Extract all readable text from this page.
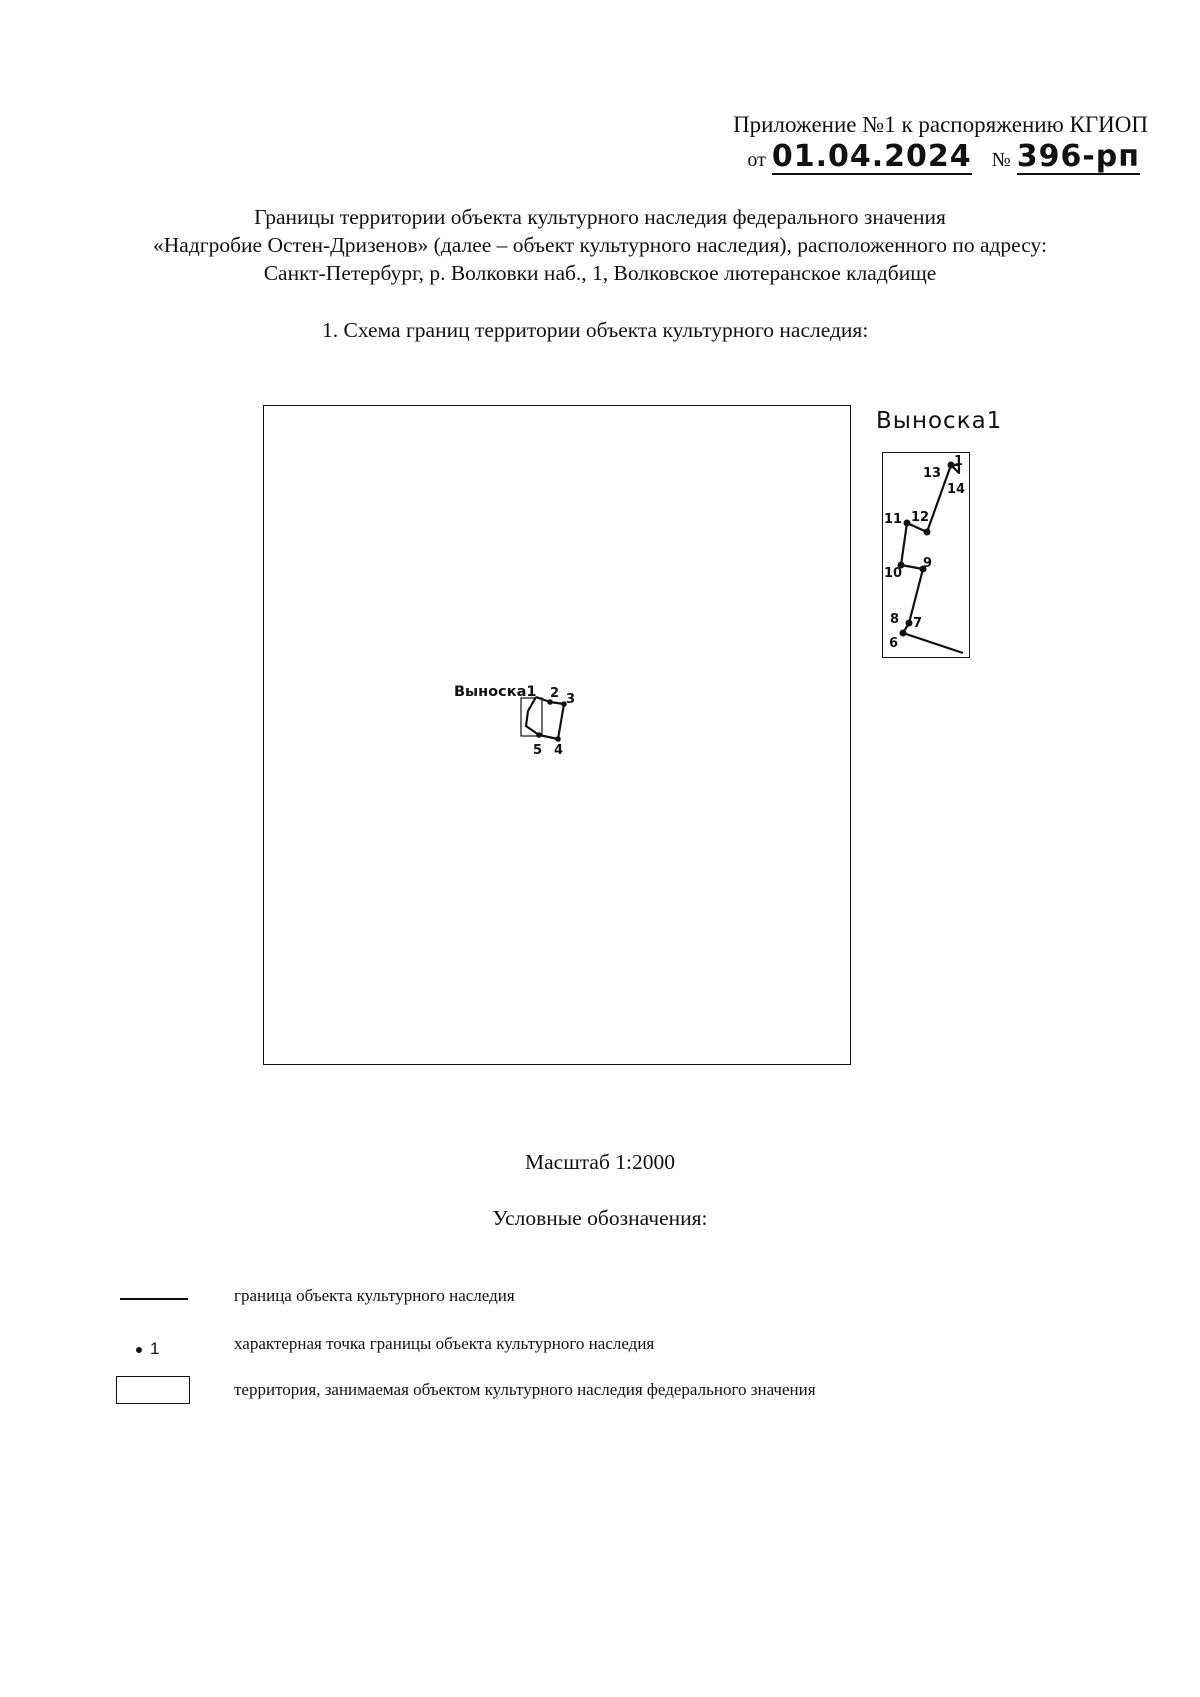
Приложение №1 к распоряжению КГИОП
от 01.04.2024 № 396-рп
Границы территории объекта культурного наследия федерального значения
«Надгробие Остен-Дризенов» (далее – объект культурного наследия), расположенного по адресу:
Санкт-Петербург, р. Волковки наб., 1, Волковское лютеранское кладбище
1. Схема границ территории объекта культурного наследия:
Выноска1 2 3
4
5
Выноска1
1
13
14
11 12
10
9
8 7
6
Масштаб 1:2000
Условные обозначения:
граница объекта культурного наследия
1	характерная точка границы объекта культурного наследия
территория, занимаемая объектом культурного наследия федерального значения
